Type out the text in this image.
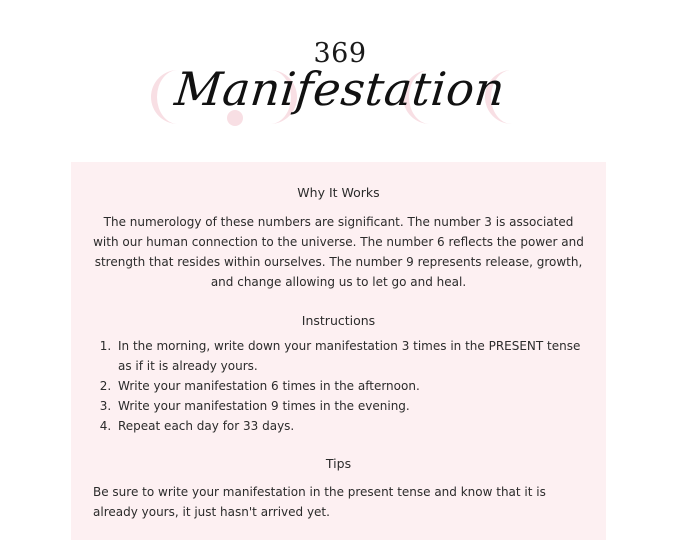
369
Manifestation

Why It Works

The numerology of these numbers are significant. The number 3 is associated with our human connection to the universe. The number 6 reflects the power and strength that resides within ourselves. The number 9 represents release, growth, and change allowing us to let go and heal.

Instructions

1. In the morning, write down your manifestation 3 times in the PRESENT tense as if it is already yours.
2. Write your manifestation 6 times in the afternoon.
3. Write your manifestation 9 times in the evening.
4. Repeat each day for 33 days.

Tips

Be sure to write your manifestation in the present tense and know that it is already yours, it just hasn't arrived yet.
